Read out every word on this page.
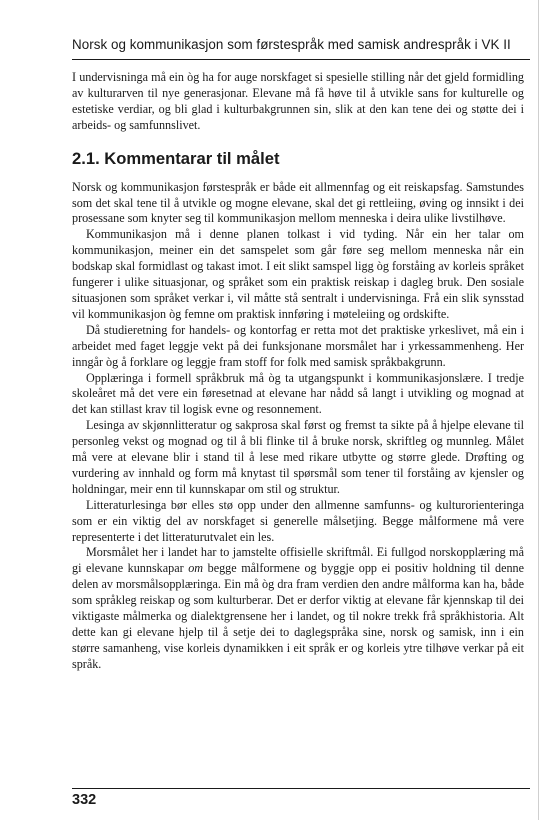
Norsk og kommunikasjon som førstespråk med samisk andrespråk i VK II

I undervisninga må ein òg ha for auge norskfaget si spesielle stilling når det gjeld formidling av kulturarven til nye generasjonar. Elevane må få høve til å utvikle sans for kulturelle og estetiske verdiar, og bli glad i kulturbakgrunnen sin, slik at den kan tene dei og støtte dei i arbeids- og samfunnslivet.

2.1. Kommentarar til målet

Norsk og kommunikasjon førstespråk er både eit allmennfag og eit reiskapsfag. Samstundes som det skal tene til å utvikle og mogne elevane, skal det gi rettleiing, øving og innsikt i dei prosessane som knyter seg til kommunikasjon mellom menneska i deira ulike livstilhøve.

Kommunikasjon må i denne planen tolkast i vid tyding. Når ein her talar om kommunikasjon, meiner ein det samspelet som går føre seg mellom menneska når ein bodskap skal formidlast og takast imot. I eit slikt samspel ligg òg forståing av korleis språket fungerer i ulike situasjonar, og språket som ein praktisk reiskap i dagleg bruk. Den sosiale situasjonen som språket verkar i, vil måtte stå sentralt i undervisninga. Frå ein slik synsstad vil kommunikasjon òg femne om praktisk innføring i møteleiing og ordskifte.

Då studieretning for handels- og kontorfag er retta mot det praktiske yrkeslivet, må ein i arbeidet med faget leggje vekt på dei funksjonane morsmålet har i yrkessammenheng. Her inngår òg å forklare og leggje fram stoff for folk med samisk språkbakgrunn.

Opplæringa i formell språkbruk må òg ta utgangspunkt i kommunikasjonslære. I tredje skoleåret må det vere ein føresetnad at elevane har nådd så langt i utvikling og mognad at det kan stillast krav til logisk evne og resonnement.

Lesinga av skjønnlitteratur og sakprosa skal først og fremst ta sikte på å hjelpe elevane til personleg vekst og mognad og til å bli flinke til å bruke norsk, skriftleg og munnleg. Målet må vere at elevane blir i stand til å lese med rikare utbytte og større glede. Drøfting og vurdering av innhald og form må knytast til spørsmål som tener til forståing av kjensler og holdningar, meir enn til kunnskapar om stil og struktur.

Litteraturlesinga bør elles stø opp under den allmenne samfunns- og kulturorienteringa som er ein viktig del av norskfaget si generelle målsetjing. Begge målformene må vere representerte i det litteraturutvalet ein les.

Morsmålet her i landet har to jamstelte offisielle skriftmål. Ei fullgod norskopplæring må gi elevane kunnskapar om begge målformene og byggje opp ei positiv holdning til denne delen av morsmålsopplæringa. Ein må òg dra fram verdien den andre målforma kan ha, både som språkleg reiskap og som kulturberar. Det er derfor viktig at elevane får kjennskap til dei viktigaste målmerka og dialektgrensene her i landet, og til nokre trekk frå språkhistoria. Alt dette kan gi elevane hjelp til å setje dei to daglegspråka sine, norsk og samisk, inn i ein større samanheng, vise korleis dynamikken i eit språk er og korleis ytre tilhøve verkar på eit språk.

332
